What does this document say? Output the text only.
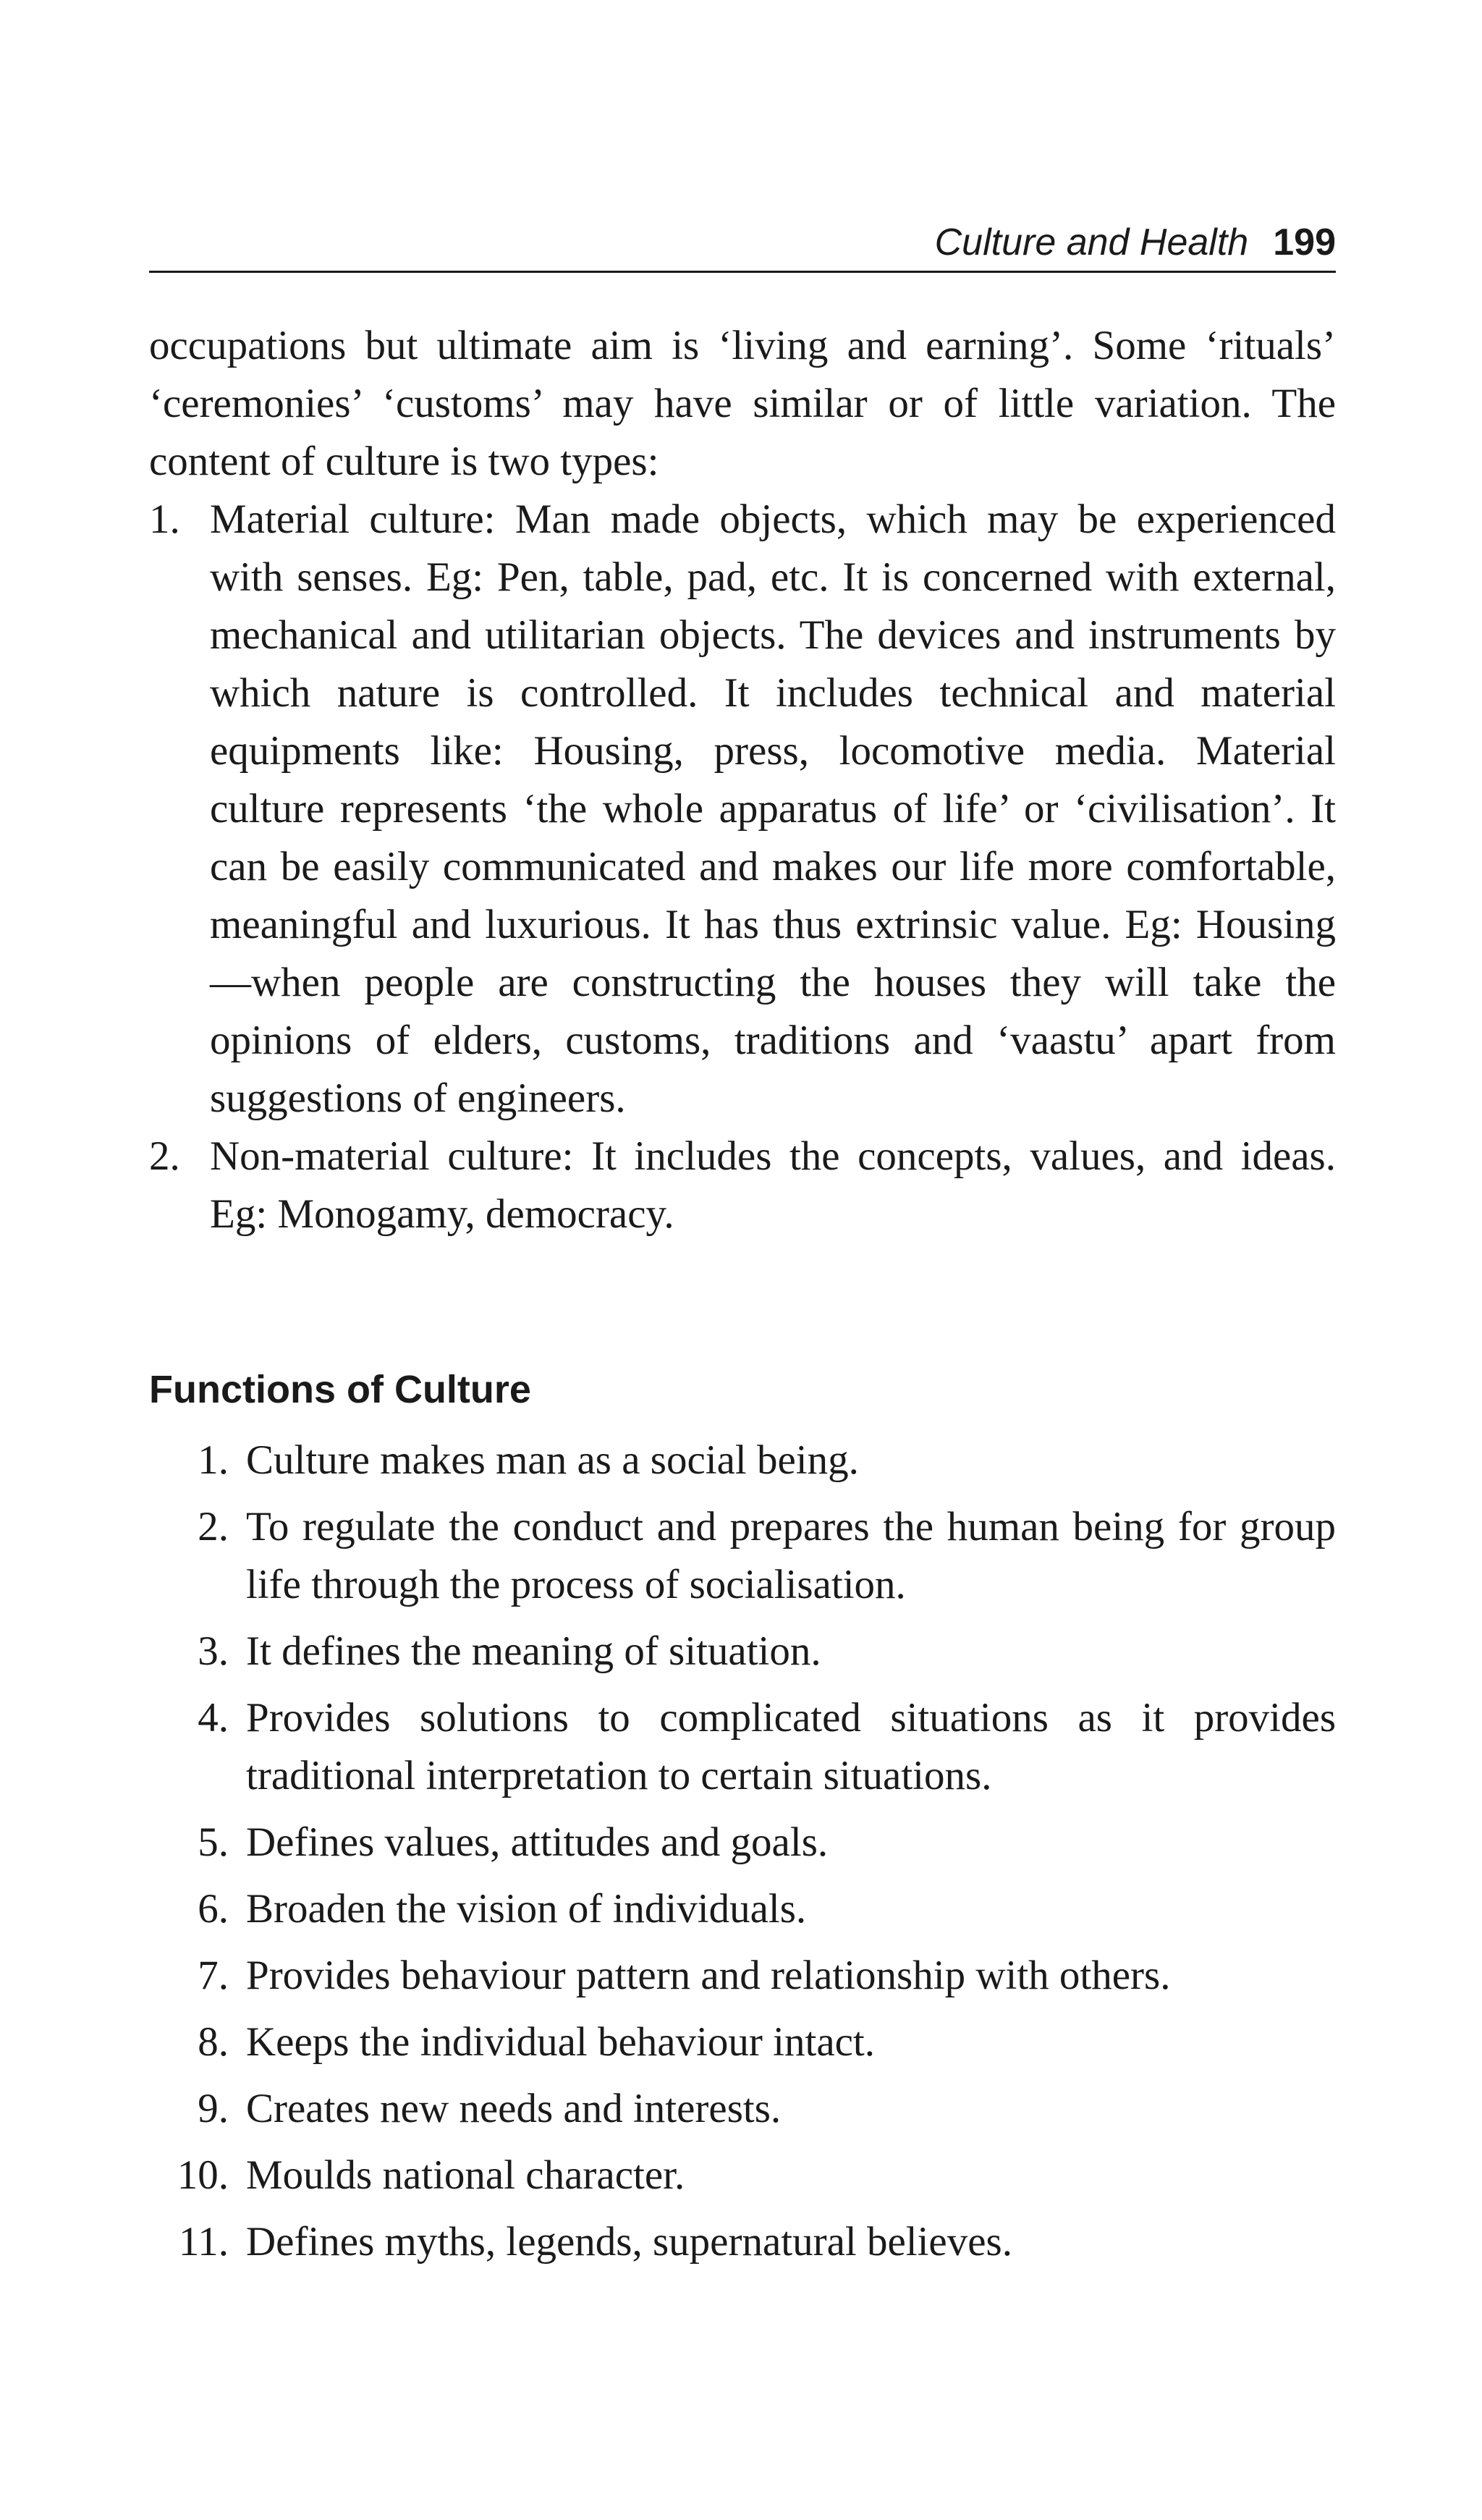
Culture and Health 199

occupations but ultimate aim is ‘living and earning’. Some ‘rituals’ ‘ceremonies’ ‘customs’ may have similar or of little variation. The content of culture is two types:

1. Material culture: Man made objects, which may be experienced with senses. Eg: Pen, table, pad, etc. It is concerned with external, mechanical and utilitarian objects. The devices and instruments by which nature is controlled. It includes technical and material equipments like: Housing, press, locomotive media. Material culture represents ‘the whole apparatus of life’ or ‘civilisation’. It can be easily communicated and makes our life more comfortable, meaningful and luxurious. It has thus extrinsic value. Eg: Housing—when people are constructing the houses they will take the opinions of elders, customs, traditions and ‘vaastu’ apart from suggestions of engineers.
2. Non-material culture: It includes the concepts, values, and ideas. Eg: Monogamy, democracy.
Functions of Culture
1. Culture makes man as a social being.
2. To regulate the conduct and prepares the human being for group life through the process of socialisation.
3. It defines the meaning of situation.
4. Provides solutions to complicated situations as it provides traditional interpretation to certain situations.
5. Defines values, attitudes and goals.
6. Broaden the vision of individuals.
7. Provides behaviour pattern and relationship with others.
8. Keeps the individual behaviour intact.
9. Creates new needs and interests.
10. Moulds national character.
11. Defines myths, legends, supernatural believes.
